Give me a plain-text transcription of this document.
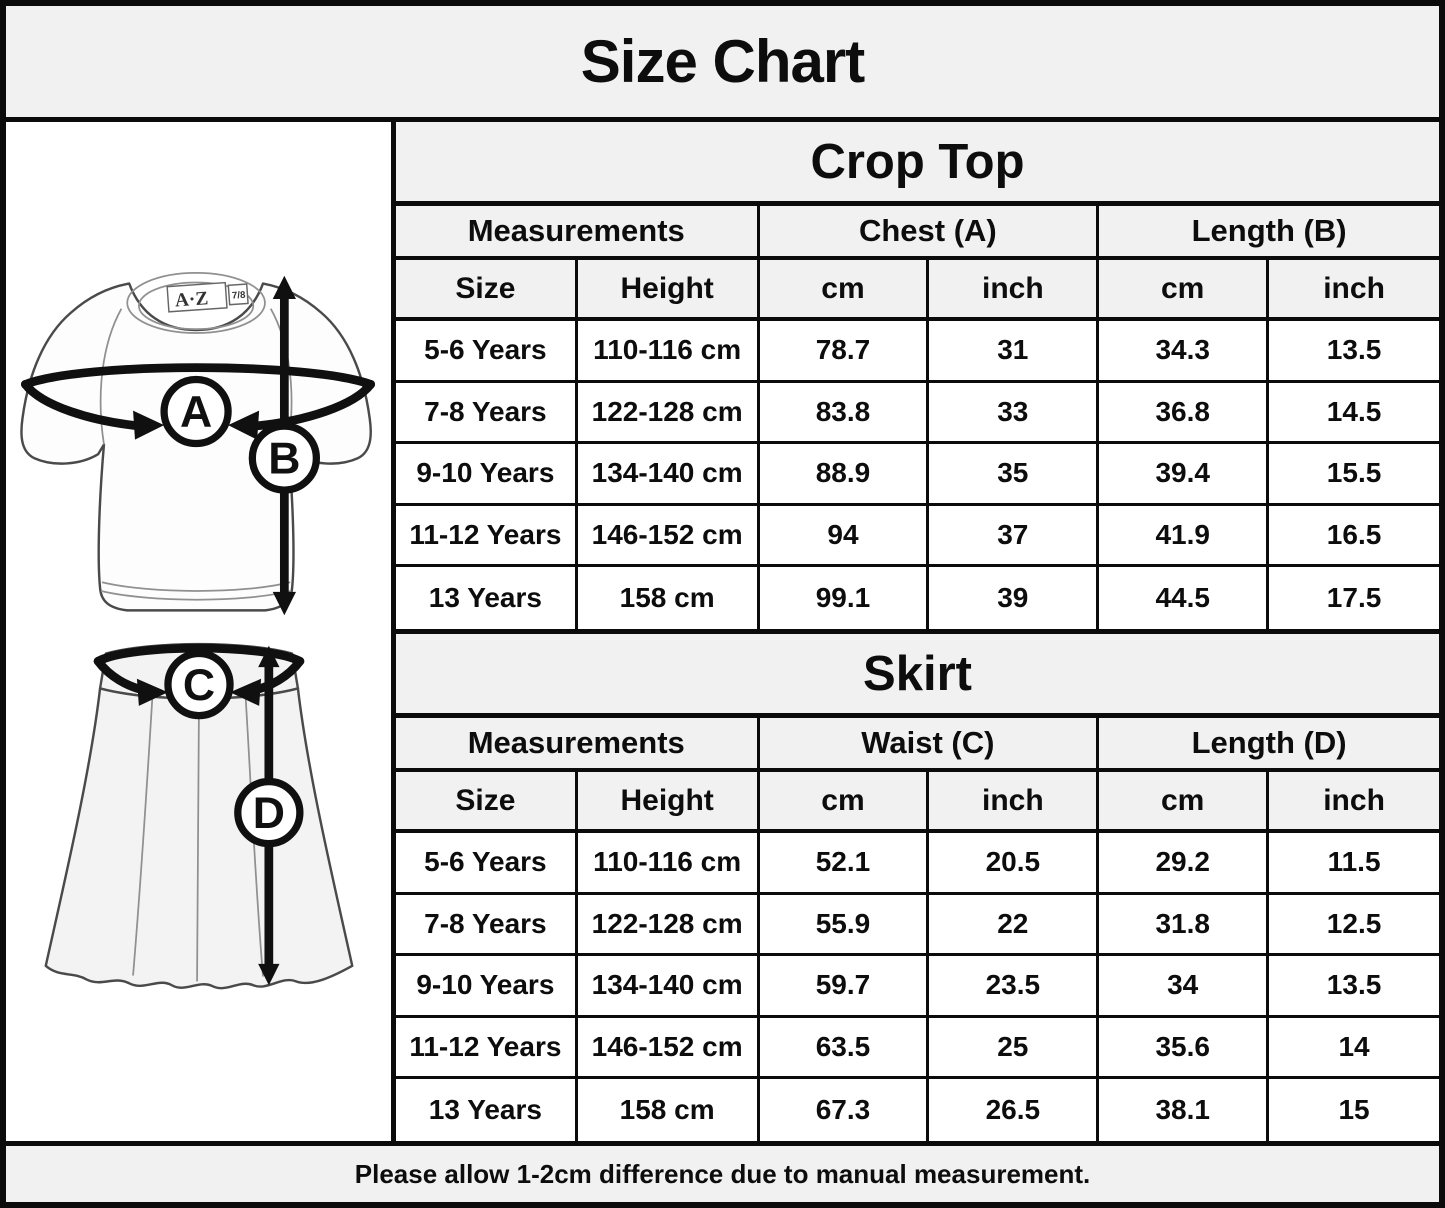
Size Chart
A·Z 7/8
A
B
C
D
Crop Top
Measurements	Chest (A)	Length (B)
Size	Height	cm	inch	cm	inch
5-6 Years	110-116 cm	78.7	31	34.3	13.5
7-8 Years	122-128 cm	83.8	33	36.8	14.5
9-10 Years	134-140 cm	88.9	35	39.4	15.5
11-12 Years	146-152 cm	94	37	41.9	16.5
13 Years	158 cm	99.1	39	44.5	17.5
Skirt
Measurements	Waist (C)	Length (D)
Size	Height	cm	inch	cm	inch
5-6 Years	110-116 cm	52.1	20.5	29.2	11.5
7-8 Years	122-128 cm	55.9	22	31.8	12.5
9-10 Years	134-140 cm	59.7	23.5	34	13.5
11-12 Years	146-152 cm	63.5	25	35.6	14
13 Years	158 cm	67.3	26.5	38.1	15
Please allow 1-2cm difference due to manual measurement.
